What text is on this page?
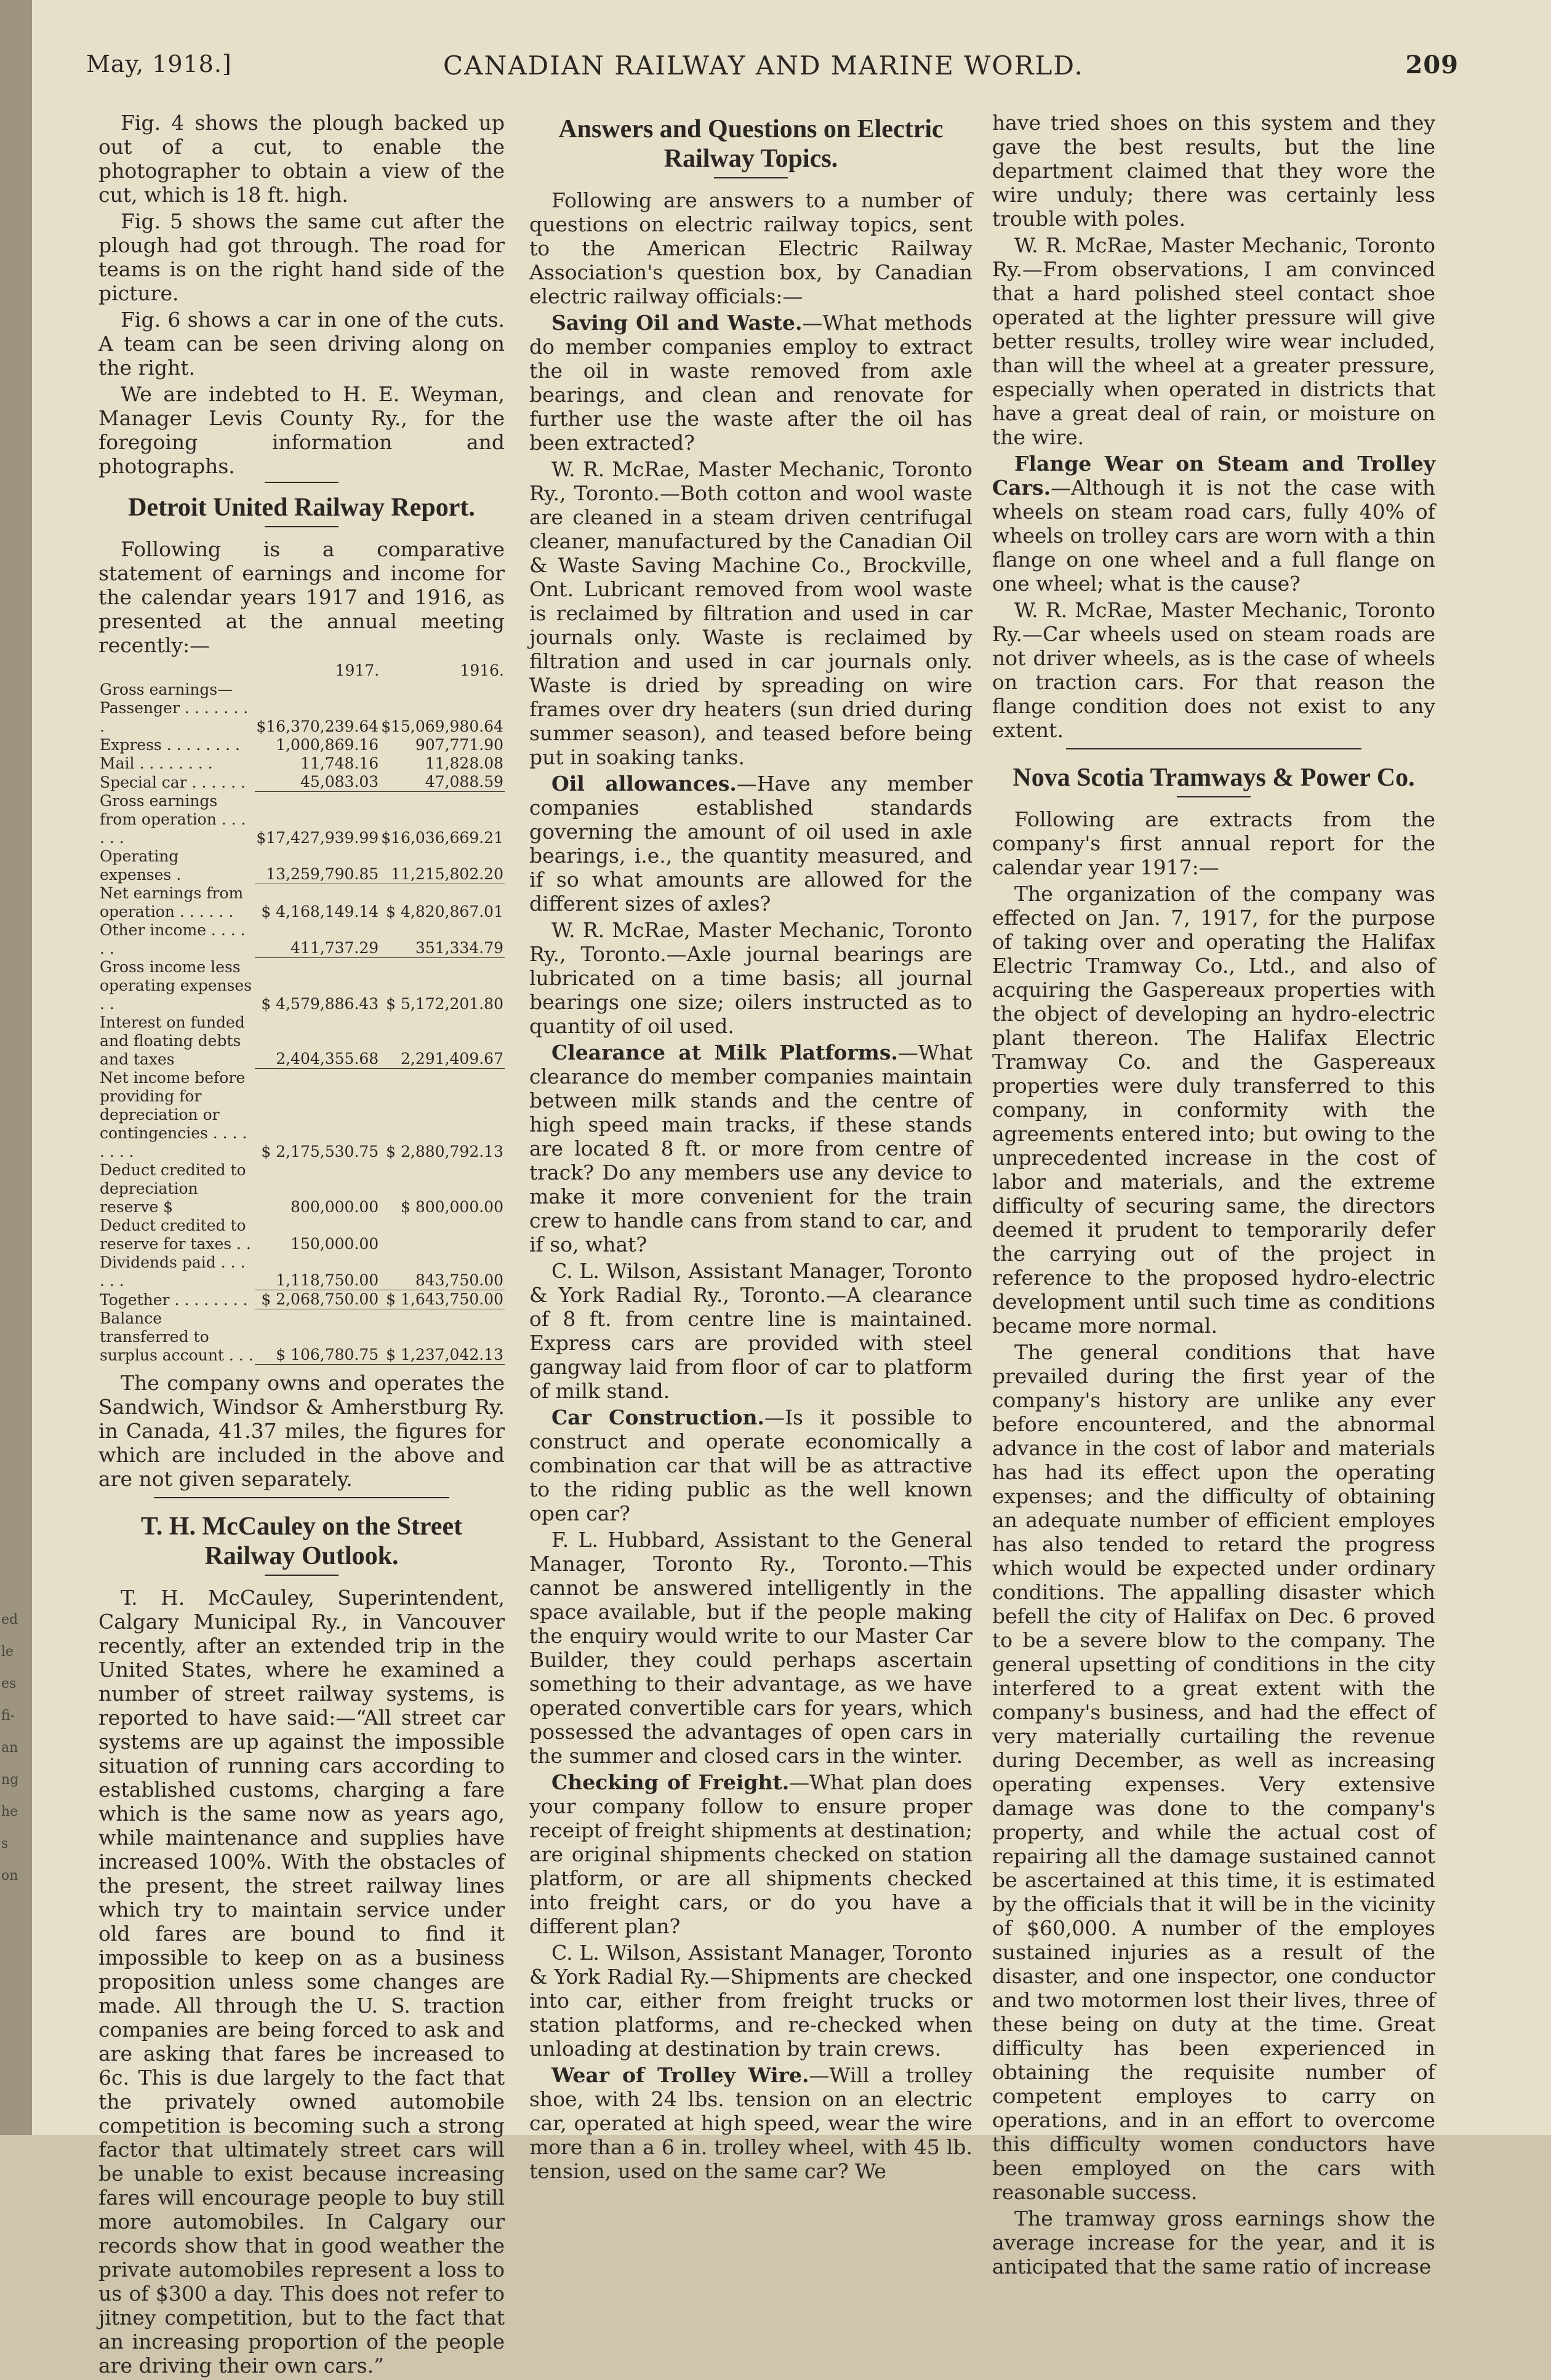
ed
le
es
fi-
an
ng
he
s
on
May, 1918.]	CANADIAN RAILWAY AND MARINE WORLD.	209

Fig. 4 shows the plough backed up out of a cut, to enable the photographer to obtain a view of the cut, which is 18 ft. high.

Fig. 5 shows the same cut after the plough had got through. The road for teams is on the right hand side of the picture.

Fig. 6 shows a car in one of the cuts. A team can be seen driving along on the right.

We are indebted to H. E. Weyman, Manager Levis County Ry., for the foregoing information and photographs.

Detroit United Railway Report.

Following is a comparative statement of earnings and income for the calendar years 1917 and 1916, as presented at the annual meeting recently:—

	1917.	1916.
Gross earnings—		
Passenger . . . . . . . .	$16,370,239.64	$15,069,980.64
Express . . . . . . . .	1,000,869.16	907,771.90
Mail . . . . . . . .	11,748.16	11,828.08
Special car . . . . . .	45,083.03	47,088.59
Gross earnings from operation . . . . . .	$17,427,939.99	$16,036,669.21
Operating expenses .	13,259,790.85	11,215,802.20
Net earnings from operation . . . . . .	$ 4,168,149.14	$ 4,820,867.01
Other income . . . . . .	411,737.29	351,334.79
Gross income less operating expenses . .	$ 4,579,886.43	$ 5,172,201.80
Interest on funded and floating debts and taxes	2,404,355.68	2,291,409.67
Net income before providing for depreciation or contingencies . . . . . . . .	$ 2,175,530.75	$ 2,880,792.13
Deduct credited to depreciation reserve $	800,000.00	$ 800,000.00
Deduct credited to reserve for taxes . .	150,000.00	
Dividends paid . . . . . .	1,118,750.00	843,750.00
Together . . . . . . . .	$ 2,068,750.00	$ 1,643,750.00
Balance transferred to surplus account . . .	$ 106,780.75	$ 1,237,042.13

The company owns and operates the Sandwich, Windsor & Amherstburg Ry. in Canada, 41.37 miles, the figures for which are included in the above and are not given separately.

T. H. McCauley on the Street Railway Outlook.

T. H. McCauley, Superintendent, Calgary Municipal Ry., in Vancouver recently, after an extended trip in the United States, where he examined a number of street railway systems, is reported to have said:—“All street car systems are up against the impossible situation of running cars according to established customs, charging a fare which is the same now as years ago, while maintenance and supplies have increased 100%. With the obstacles of the present, the street railway lines which try to maintain service under old fares are bound to find it impossible to keep on as a business proposition unless some changes are made. All through the U. S. traction companies are being forced to ask and are asking that fares be increased to 6c. This is due largely to the fact that the privately owned automobile competition is becoming such a strong factor that ultimately street cars will be unable to exist because increasing fares will encourage people to buy still more automobiles. In Calgary our records show that in good weather the private automobiles represent a loss to us of $300 a day. This does not refer to jitney competition, but to the fact that an increasing proportion of the people are driving their own cars.”

Answers and Questions on Electric Railway Topics.

Following are answers to a number of questions on electric railway topics, sent to the American Electric Railway Association's question box, by Canadian electric railway officials:—

Saving Oil and Waste.—What methods do member companies employ to extract the oil in waste removed from axle bearings, and clean and renovate for further use the waste after the oil has been extracted?

W. R. McRae, Master Mechanic, Toronto Ry., Toronto.—Both cotton and wool waste are cleaned in a steam driven centrifugal cleaner, manufactured by the Canadian Oil & Waste Saving Machine Co., Brockville, Ont. Lubricant removed from wool waste is reclaimed by filtration and used in car journals only. Waste is reclaimed by filtration and used in car journals only. Waste is dried by spreading on wire frames over dry heaters (sun dried during summer season), and teased before being put in soaking tanks.

Oil allowances.—Have any member companies established standards governing the amount of oil used in axle bearings, i.e., the quantity measured, and if so what amounts are allowed for the different sizes of axles?

W. R. McRae, Master Mechanic, Toronto Ry., Toronto.—Axle journal bearings are lubricated on a time basis; all journal bearings one size; oilers instructed as to quantity of oil used.

Clearance at Milk Platforms.—What clearance do member companies maintain between milk stands and the centre of high speed main tracks, if these stands are located 8 ft. or more from centre of track? Do any members use any device to make it more convenient for the train crew to handle cans from stand to car, and if so, what?

C. L. Wilson, Assistant Manager, Toronto & York Radial Ry., Toronto.—A clearance of 8 ft. from centre line is maintained. Express cars are provided with steel gangway laid from floor of car to platform of milk stand.

Car Construction.—Is it possible to construct and operate economically a combination car that will be as attractive to the riding public as the well known open car?

F. L. Hubbard, Assistant to the General Manager, Toronto Ry., Toronto.—This cannot be answered intelligently in the space available, but if the people making the enquiry would write to our Master Car Builder, they could perhaps ascertain something to their advantage, as we have operated convertible cars for years, which possessed the advantages of open cars in the summer and closed cars in the winter.

Checking of Freight.—What plan does your company follow to ensure proper receipt of freight shipments at destination; are original shipments checked on station platform, or are all shipments checked into freight cars, or do you have a different plan?

C. L. Wilson, Assistant Manager, Toronto & York Radial Ry.—Shipments are checked into car, either from freight trucks or station platforms, and re-checked when unloading at destination by train crews.

Wear of Trolley Wire.—Will a trolley shoe, with 24 lbs. tension on an electric car, operated at high speed, wear the wire more than a 6 in. trolley wheel, with 45 lb. tension, used on the same car? We

have tried shoes on this system and they gave the best results, but the line department claimed that they wore the wire unduly; there was certainly less trouble with poles.

W. R. McRae, Master Mechanic, Toronto Ry.—From observations, I am convinced that a hard polished steel contact shoe operated at the lighter pressure will give better results, trolley wire wear included, than will the wheel at a greater pressure, especially when operated in districts that have a great deal of rain, or moisture on the wire.

Flange Wear on Steam and Trolley Cars.—Although it is not the case with wheels on steam road cars, fully 40% of wheels on trolley cars are worn with a thin flange on one wheel and a full flange on one wheel; what is the cause?

W. R. McRae, Master Mechanic, Toronto Ry.—Car wheels used on steam roads are not driver wheels, as is the case of wheels on traction cars. For that reason the flange condition does not exist to any extent.

Nova Scotia Tramways & Power Co.

Following are extracts from the company's first annual report for the calendar year 1917:—

The organization of the company was effected on Jan. 7, 1917, for the purpose of taking over and operating the Halifax Electric Tramway Co., Ltd., and also of acquiring the Gaspereaux properties with the object of developing an hydro-electric plant thereon. The Halifax Electric Tramway Co. and the Gaspereaux properties were duly transferred to this company, in conformity with the agreements entered into; but owing to the unprecedented increase in the cost of labor and materials, and the extreme difficulty of securing same, the directors deemed it prudent to temporarily defer the carrying out of the project in reference to the proposed hydro-electric development until such time as conditions became more normal.

The general conditions that have prevailed during the first year of the company's history are unlike any ever before encountered, and the abnormal advance in the cost of labor and materials has had its effect upon the operating expenses; and the difficulty of obtaining an adequate number of efficient employes has also tended to retard the progress which would be expected under ordinary conditions. The appalling disaster which befell the city of Halifax on Dec. 6 proved to be a severe blow to the company. The general upsetting of conditions in the city interfered to a great extent with the company's business, and had the effect of very materially curtailing the revenue during December, as well as increasing operating expenses. Very extensive damage was done to the company's property, and while the actual cost of repairing all the damage sustained cannot be ascertained at this time, it is estimated by the officials that it will be in the vicinity of $60,000. A number of the employes sustained injuries as a result of the disaster, and one inspector, one conductor and two motormen lost their lives, three of these being on duty at the time. Great difficulty has been experienced in obtaining the requisite number of competent employes to carry on operations, and in an effort to overcome this difficulty women conductors have been employed on the cars with reasonable success.

The tramway gross earnings show the average increase for the year, and it is anticipated that the same ratio of increase
